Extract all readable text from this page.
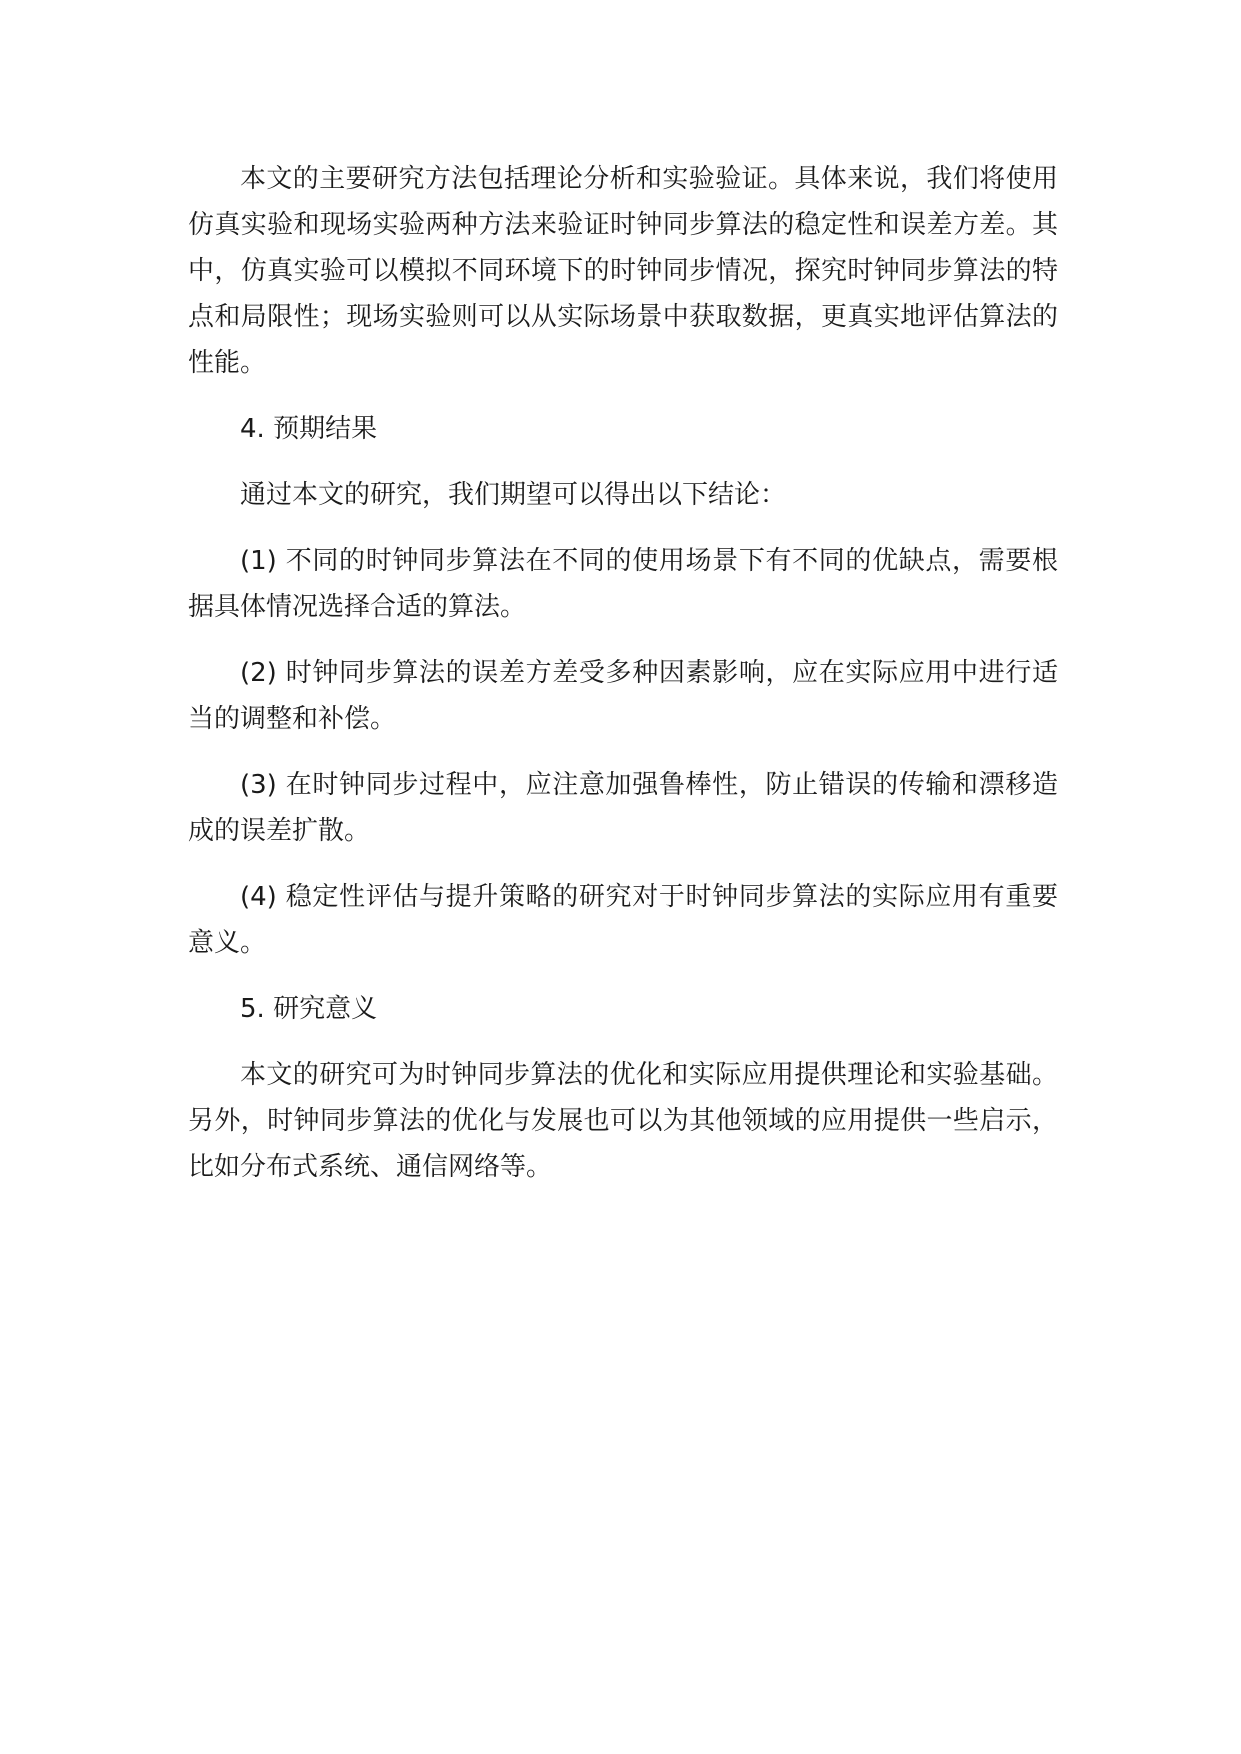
本文的主要研究方法包括理论分析和实验验证。具体来说，我们将使用仿真实验和现场实验两种方法来验证时钟同步算法的稳定性和误差方差。其中，仿真实验可以模拟不同环境下的时钟同步情况，探究时钟同步算法的特点和局限性；现场实验则可以从实际场景中获取数据，更真实地评估算法的性能。

4. 预期结果

通过本文的研究，我们期望可以得出以下结论：

(1) 不同的时钟同步算法在不同的使用场景下有不同的优缺点，需要根据具体情况选择合适的算法。

(2) 时钟同步算法的误差方差受多种因素影响，应在实际应用中进行适当的调整和补偿。

(3) 在时钟同步过程中，应注意加强鲁棒性，防止错误的传输和漂移造成的误差扩散。

(4) 稳定性评估与提升策略的研究对于时钟同步算法的实际应用有重要意义。

5. 研究意义

本文的研究可为时钟同步算法的优化和实际应用提供理论和实验基础。另外，时钟同步算法的优化与发展也可以为其他领域的应用提供一些启示，比如分布式系统、通信网络等。
